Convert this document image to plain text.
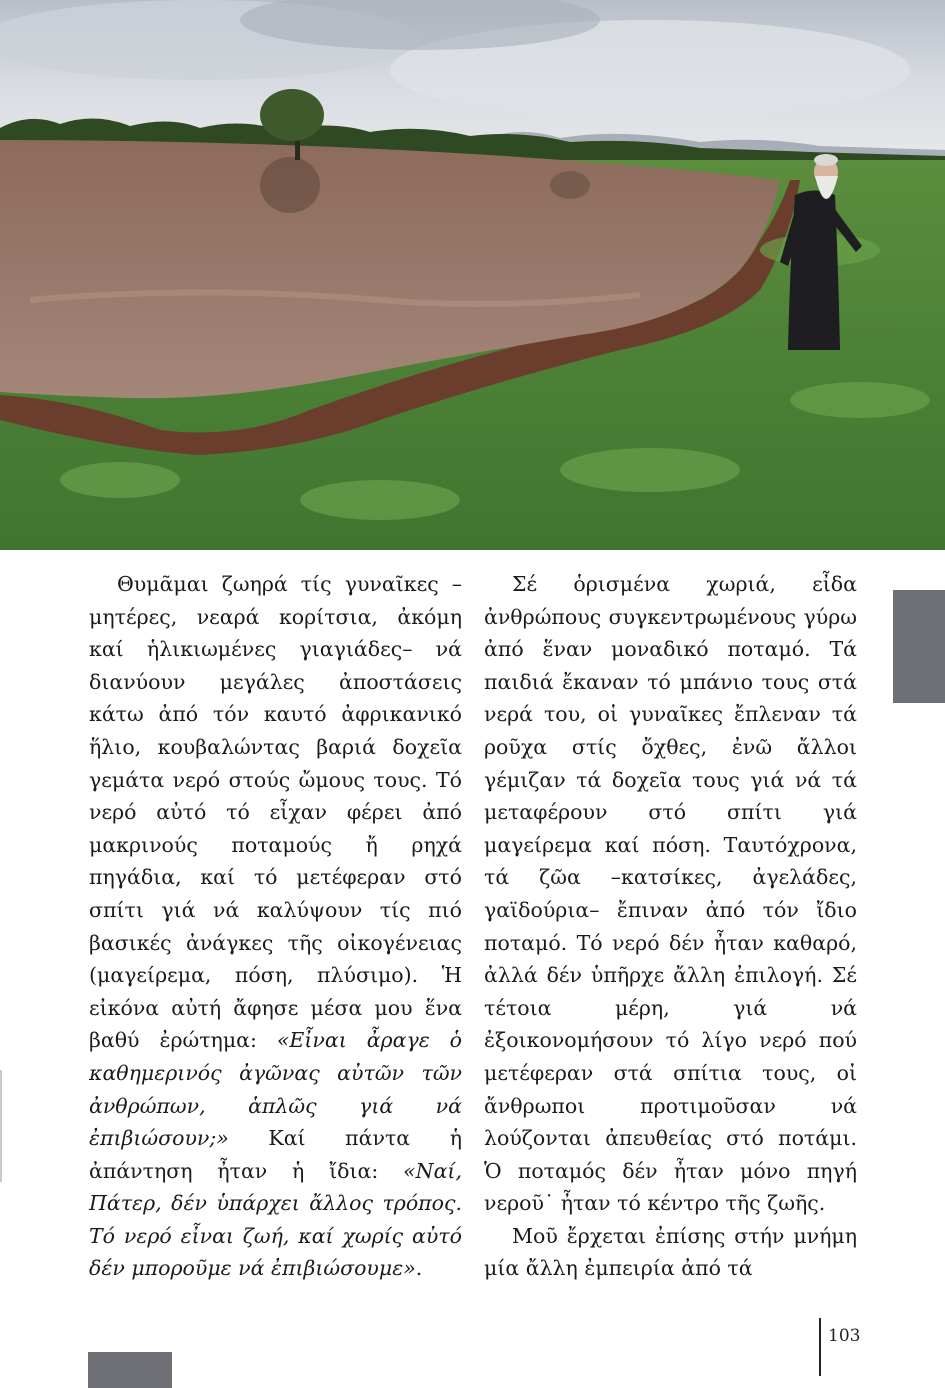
Θυμᾶμαι ζωηρά τίς γυναῖκες –μητέρες, νεαρά κορίτσια, ἀκόμη καί ἡλικιωμένες γιαγιάδες– νά διανύουν μεγάλες ἀποστάσεις κάτω ἀπό τόν καυτό ἀφρικανικό ἥλιο, κουβαλώντας βαριά δοχεῖα γεμάτα νερό στούς ὤμους τους. Τό νερό αὐτό τό εἶχαν φέρει ἀπό μακρινούς ποταμούς ἤ ρηχά πηγάδια, καί τό μετέφεραν στό σπίτι γιά νά καλύψουν τίς πιό βασικές ἀνάγκες τῆς οἰκογένειας (μαγείρεμα, πόση, πλύσιμο). Ἡ εἰκόνα αὐτή ἄφησε μέσα μου ἕνα βαθύ ἐρώτημα: «Εἶναι ἆραγε ὁ καθημερινός ἀγῶνας αὐτῶν τῶν ἀνθρώπων, ἁπλῶς γιά νά ἐπιβιώσουν;» Καί πάντα ἡ ἀπάντηση ἦταν ἡ ἴδια: «Ναί, Πάτερ, δέν ὑπάρχει ἄλλος τρόπος. Τό νερό εἶναι ζωή, καί χωρίς αὐτό δέν μποροῦμε νά ἐπιβιώσουμε».

Σέ ὁρισμένα χωριά, εἶδα ἀνθρώπους συγκεντρωμένους γύρω ἀπό ἕναν μοναδικό ποταμό. Τά παιδιά ἔκαναν τό μπάνιο τους στά νερά του, οἱ γυναῖκες ἔπλεναν τά ροῦχα στίς ὄχθες, ἐνῶ ἄλλοι γέμιζαν τά δοχεῖα τους γιά νά τά μεταφέρουν στό σπίτι γιά μαγείρεμα καί πόση. Ταυτόχρονα, τά ζῶα –κατσίκες, ἀγελάδες, γαϊδούρια– ἔπιναν ἀπό τόν ἴδιο ποταμό. Τό νερό δέν ἦταν καθαρό, ἀλλά δέν ὑπῆρχε ἄλλη ἐπιλογή. Σέ τέτοια μέρη, γιά νά ἐξοικονομήσουν τό λίγο νερό πού μετέφεραν στά σπίτια τους, οἱ ἄνθρωποι προτιμοῦσαν νά λούζονται ἀπευθείας στό ποτάμι. Ὁ ποταμός δέν ἦταν μόνο πηγή νεροῦ˙ ἦταν τό κέντρο τῆς ζωῆς.

Μοῦ ἔρχεται ἐπίσης στήν μνήμη μία ἄλλη ἐμπειρία ἀπό τά

103
